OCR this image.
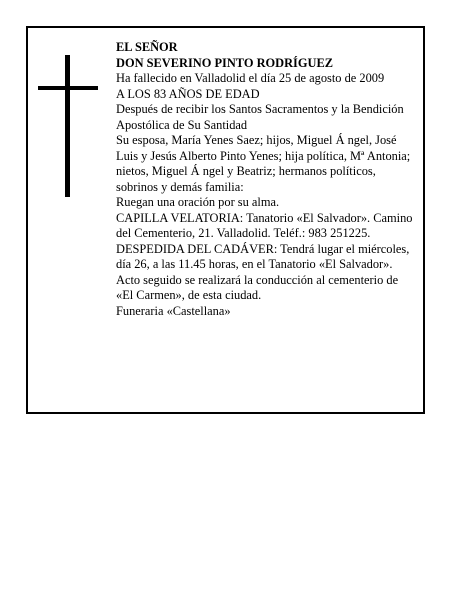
EL SEÑOR

DON SEVERINO PINTO RODRÍGUEZ

Ha fallecido en Valladolid el día 25 de agosto de 2009

A LOS 83 AÑOS DE EDAD

Después de recibir los Santos Sacramentos y la Bendición Apostólica de Su Santidad

Su esposa, María Yenes Saez; hijos, Miguel Á ngel, José Luis y Jesús Alberto Pinto Yenes; hija política, Mª Antonia; nietos, Miguel Á ngel y Beatriz; hermanos políticos, sobrinos y demás familia:

Ruegan una oración por su alma.

CAPILLA VELATORIA: Tanatorio «El Salvador». Camino del Cementerio, 21. Valladolid. Teléf.: 983 251225.

DESPEDIDA DEL CADÁVER: Tendrá lugar el miércoles, día 26, a las 11.45 horas, en el Tanatorio «El Salvador». Acto seguido se realizará la conducción al cementerio de «El Carmen», de esta ciudad.

Funeraria «Castellana»
